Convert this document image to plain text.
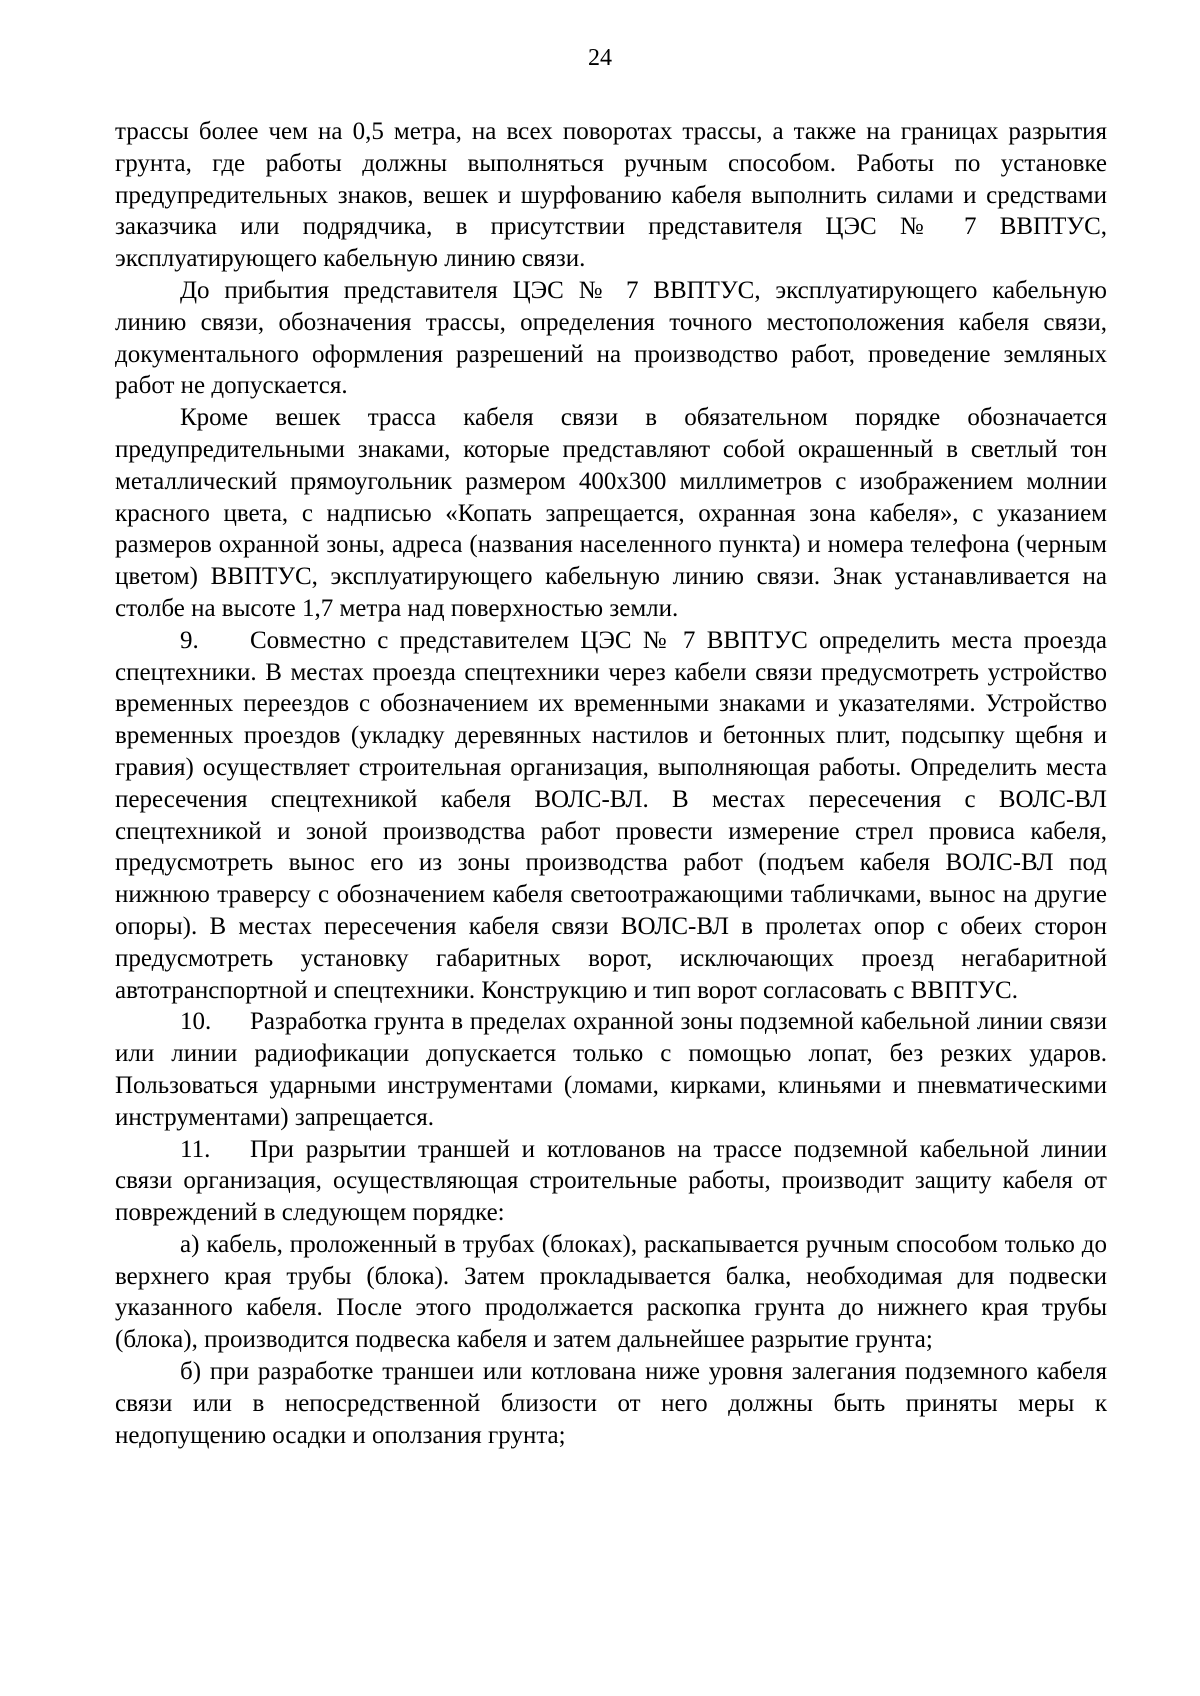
24

трассы более чем на 0,5 метра, на всех поворотах трассы, а также на границах разрытия грунта, где работы должны выполняться ручным способом. Работы по установке предупредительных знаков, вешек и шурфованию кабеля выполнить силами и средствами заказчика или подрядчика, в присутствии представителя ЦЭС № 7 ВВПТУС, эксплуатирующего кабельную линию связи.

До прибытия представителя ЦЭС № 7 ВВПТУС, эксплуатирующего кабельную линию связи, обозначения трассы, определения точного местоположения кабеля связи, документального оформления разрешений на производство работ, проведение земляных работ не допускается.

Кроме вешек трасса кабеля связи в обязательном порядке обозначается предупредительными знаками, которые представляют собой окрашенный в светлый тон металлический прямоугольник размером 400х300 миллиметров с изображением молнии красного цвета, с надписью «Копать запрещается, охранная зона кабеля», с указанием размеров охранной зоны, адреса (названия населенного пункта) и номера телефона (черным цветом) ВВПТУС, эксплуатирующего кабельную линию связи. Знак устанавливается на столбе на высоте 1,7 метра над поверхностью земли.

9. Совместно с представителем ЦЭС № 7 ВВПТУС определить места проезда спецтехники. В местах проезда спецтехники через кабели связи предусмотреть устройство временных переездов с обозначением их временными знаками и указателями. Устройство временных проездов (укладку деревянных настилов и бетонных плит, подсыпку щебня и гравия) осуществляет строительная организация, выполняющая работы. Определить места пересечения спецтехникой кабеля ВОЛС-ВЛ. В местах пересечения с ВОЛС-ВЛ спецтехникой и зоной производства работ провести измерение стрел провиса кабеля, предусмотреть вынос его из зоны производства работ (подъем кабеля ВОЛС-ВЛ под нижнюю траверсу с обозначением кабеля светоотражающими табличками, вынос на другие опоры). В местах пересечения кабеля связи ВОЛС-ВЛ в пролетах опор с обеих сторон предусмотреть установку габаритных ворот, исключающих проезд негабаритной автотранспортной и спецтехники. Конструкцию и тип ворот согласовать с ВВПТУС.

10. Разработка грунта в пределах охранной зоны подземной кабельной линии связи или линии радиофикации допускается только с помощью лопат, без резких ударов. Пользоваться ударными инструментами (ломами, кирками, клиньями и пневматическими инструментами) запрещается.

11. При разрытии траншей и котлованов на трассе подземной кабельной линии связи организация, осуществляющая строительные работы, производит защиту кабеля от повреждений в следующем порядке:

а) кабель, проложенный в трубах (блоках), раскапывается ручным способом только до верхнего края трубы (блока). Затем прокладывается балка, необходимая для подвески указанного кабеля. После этого продолжается раскопка грунта до нижнего края трубы (блока), производится подвеска кабеля и затем дальнейшее разрытие грунта;

б) при разработке траншеи или котлована ниже уровня залегания подземного кабеля связи или в непосредственной близости от него должны быть приняты меры к недопущению осадки и оползания грунта;
